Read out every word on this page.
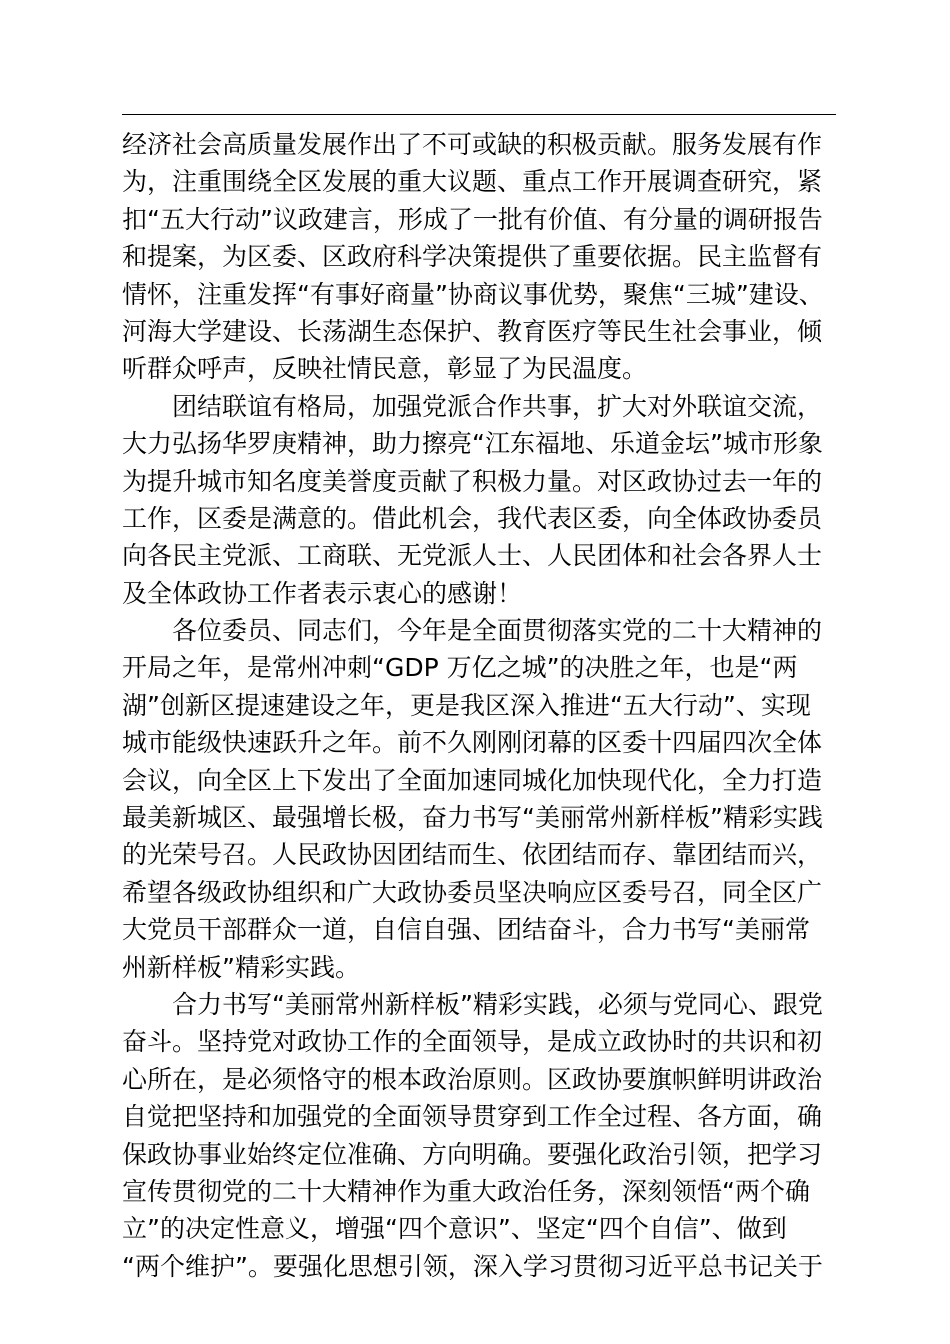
经济社会高质量发展作出了不可或缺的积极贡献。服务发展有作
为，注重围绕全区发展的重大议题、重点工作开展调查研究，紧
扣“五大行动”议政建言，形成了一批有价值、有分量的调研报告
和提案，为区委、区政府科学决策提供了重要依据。民主监督有
情怀，注重发挥“有事好商量”协商议事优势，聚焦“三城”建设、
河海大学建设、长荡湖生态保护、教育医疗等民生社会事业，倾
听群众呼声，反映社情民意，彰显了为民温度。
　　团结联谊有格局，加强党派合作共事，扩大对外联谊交流，
大力弘扬华罗庚精神，助力擦亮“江东福地、乐道金坛”城市形象
为提升城市知名度美誉度贡献了积极力量。对区政协过去一年的
工作，区委是满意的。借此机会，我代表区委，向全体政协委员
向各民主党派、工商联、无党派人士、人民团体和社会各界人士
及全体政协工作者表示衷心的感谢！
　　各位委员、同志们，今年是全面贯彻落实党的二十大精神的
开局之年，是常州冲刺“GDP 万亿之城”的决胜之年，也是“两
湖”创新区提速建设之年，更是我区深入推进“五大行动”、实现
城市能级快速跃升之年。前不久刚刚闭幕的区委十四届四次全体
会议，向全区上下发出了全面加速同城化加快现代化，全力打造
最美新城区、最强增长极，奋力书写“美丽常州新样板”精彩实践
的光荣号召。人民政协因团结而生、依团结而存、靠团结而兴，
希望各级政协组织和广大政协委员坚决响应区委号召，同全区广
大党员干部群众一道，自信自强、团结奋斗，合力书写“美丽常
州新样板”精彩实践。
　　合力书写“美丽常州新样板”精彩实践，必须与党同心、跟党
奋斗。坚持党对政协工作的全面领导，是成立政协时的共识和初
心所在，是必须恪守的根本政治原则。区政协要旗帜鲜明讲政治
自觉把坚持和加强党的全面领导贯穿到工作全过程、各方面，确
保政协事业始终定位准确、方向明确。要强化政治引领，把学习
宣传贯彻党的二十大精神作为重大政治任务，深刻领悟“两个确
立”的决定性意义，增强“四个意识”、坚定“四个自信”、做到
“两个维护”。要强化思想引领，深入学习贯彻习近平总书记关于
